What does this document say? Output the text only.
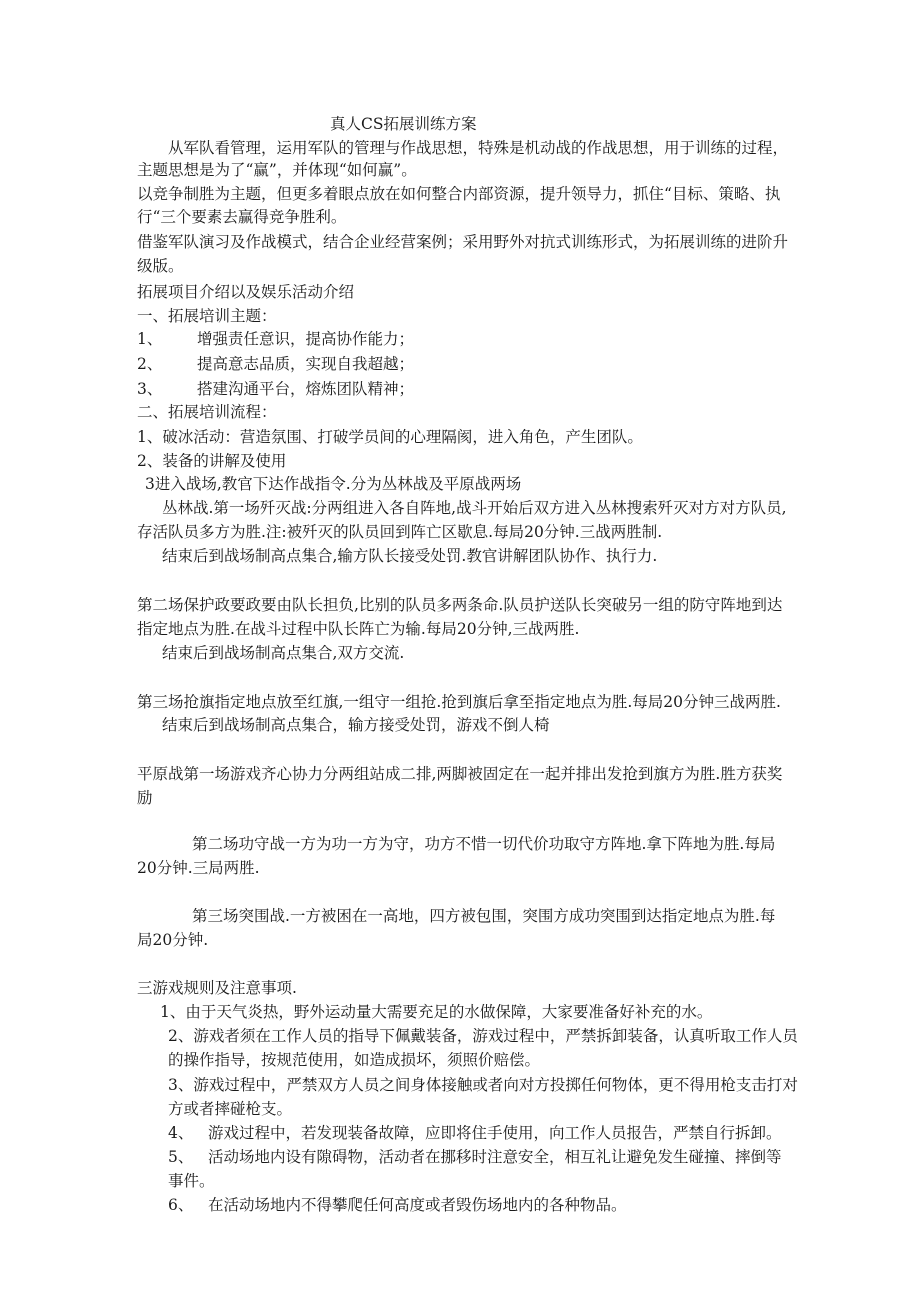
真人CS拓展训练方案

从军队看管理，运用军队的管理与作战思想，特殊是机动战的作战思想，用于训练的过程，

主题思想是为了“赢”，并体现“如何赢”。

以竞争制胜为主题，但更多着眼点放在如何整合内部资源，提升领导力，抓住“目标、策略、执

行“三个要素去赢得竞争胜利。

借鉴军队演习及作战模式，结合企业经营案例；采用野外对抗式训练形式，为拓展训练的进阶升

级版。

拓展项目介绍以及娱乐活动介绍

一、拓展培训主题：

1、 增强责任意识，提高协作能力；

2、 提高意志品质，实现自我超越；

3、 搭建沟通平台，熔炼团队精神；

二、拓展培训流程：

1、破冰活动：营造氛围、打破学员间的心理隔阂，进入角色，产生团队。

2、装备的讲解及使用

3进入战场,教官下达作战指令.分为丛林战及平原战两场

丛林战.第一场歼灭战:分两组进入各自阵地,战斗开始后双方进入丛林搜索歼灭对方对方队员,

存活队员多方为胜.注:被歼灭的队员回到阵亡区歇息.每局20分钟.三战两胜制.

结束后到战场制高点集合,输方队长接受处罚.教官讲解团队协作、执行力.

第二场保护政要政要由队长担负,比别的队员多两条命.队员护送队长突破另一组的防守阵地到达

指定地点为胜.在战斗过程中队长阵亡为输.每局20分钟,三战两胜.

结束后到战场制高点集合,双方交流.

第三场抢旗指定地点放至红旗,一组守一组抢.抢到旗后拿至指定地点为胜.每局20分钟三战两胜.

结束后到战场制高点集合，输方接受处罚，游戏不倒人椅

平原战第一场游戏齐心协力分两组站成二排,两脚被固定在一起并排出发抢到旗方为胜.胜方获奖

励

第二场功守战一方为功一方为守，功方不惜一切代价功取守方阵地.拿下阵地为胜.每局

20分钟.三局两胜.

第三场突围战.一方被困在一高地，四方被包围，突围方成功突围到达指定地点为胜.每

局20分钟.

三游戏规则及注意事项.

1、由于天气炎热，野外运动量大需要充足的水做保障，大家要准备好补充的水。

2、游戏者须在工作人员的指导下佩戴装备，游戏过程中，严禁拆卸装备，认真听取工作人员

的操作指导，按规范使用，如造成损坏，须照价赔偿。

3、游戏过程中，严禁双方人员之间身体接触或者向对方投掷任何物体，更不得用枪支击打对

方或者摔碰枪支。

4、 游戏过程中，若发现装备故障，应即将住手使用，向工作人员报告，严禁自行拆卸。

5、 活动场地内设有隙碍物，活动者在挪移时注意安全，相互礼让避免发生碰撞、摔倒等

事件。

6、 在活动场地内不得攀爬任何高度或者毁伤场地内的各种物品。
